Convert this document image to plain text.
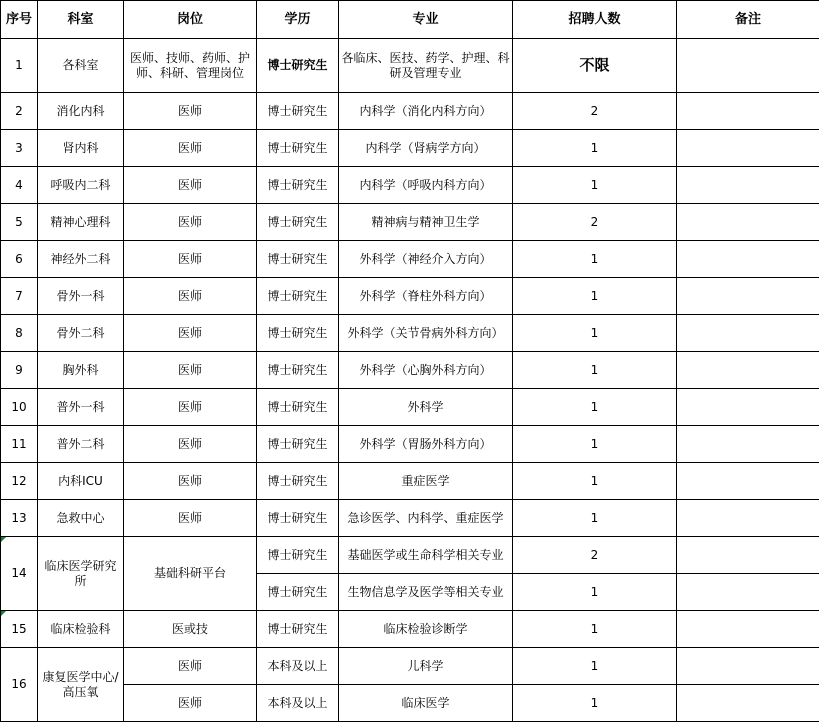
序号	科室	岗位	学历	专业	招聘人数	备注
1	各科室	医师、技师、药师、护师、科研、管理岗位	博士研究生	各临床、医技、药学、护理、科研及管理专业	不限	
2	消化内科	医师	博士研究生	内科学（消化内科方向）	2	
3	肾内科	医师	博士研究生	内科学（肾病学方向）	1	
4	呼吸内二科	医师	博士研究生	内科学（呼吸内科方向）	1	
5	精神心理科	医师	博士研究生	精神病与精神卫生学	2	
6	神经外二科	医师	博士研究生	外科学（神经介入方向）	1	
7	骨外一科	医师	博士研究生	外科学（脊柱外科方向）	1	
8	骨外二科	医师	博士研究生	外科学（关节骨病外科方向）	1	
9	胸外科	医师	博士研究生	外科学（心胸外科方向）	1	
10	普外一科	医师	博士研究生	外科学	1	
11	普外二科	医师	博士研究生	外科学（胃肠外科方向）	1	
12	内科ICU	医师	博士研究生	重症医学	1	
13	急救中心	医师	博士研究生	急诊医学、内科学、重症医学	1	
14	临床医学研究所	基础科研平台	博士研究生	基础医学或生命科学相关专业	2	
			博士研究生	生物信息学及医学等相关专业	1	
15	临床检验科	医或技	博士研究生	临床检验诊断学	1	
16	康复医学中心/高压氧	医师	本科及以上	儿科学	1	
		医师	本科及以上	临床医学	1	
